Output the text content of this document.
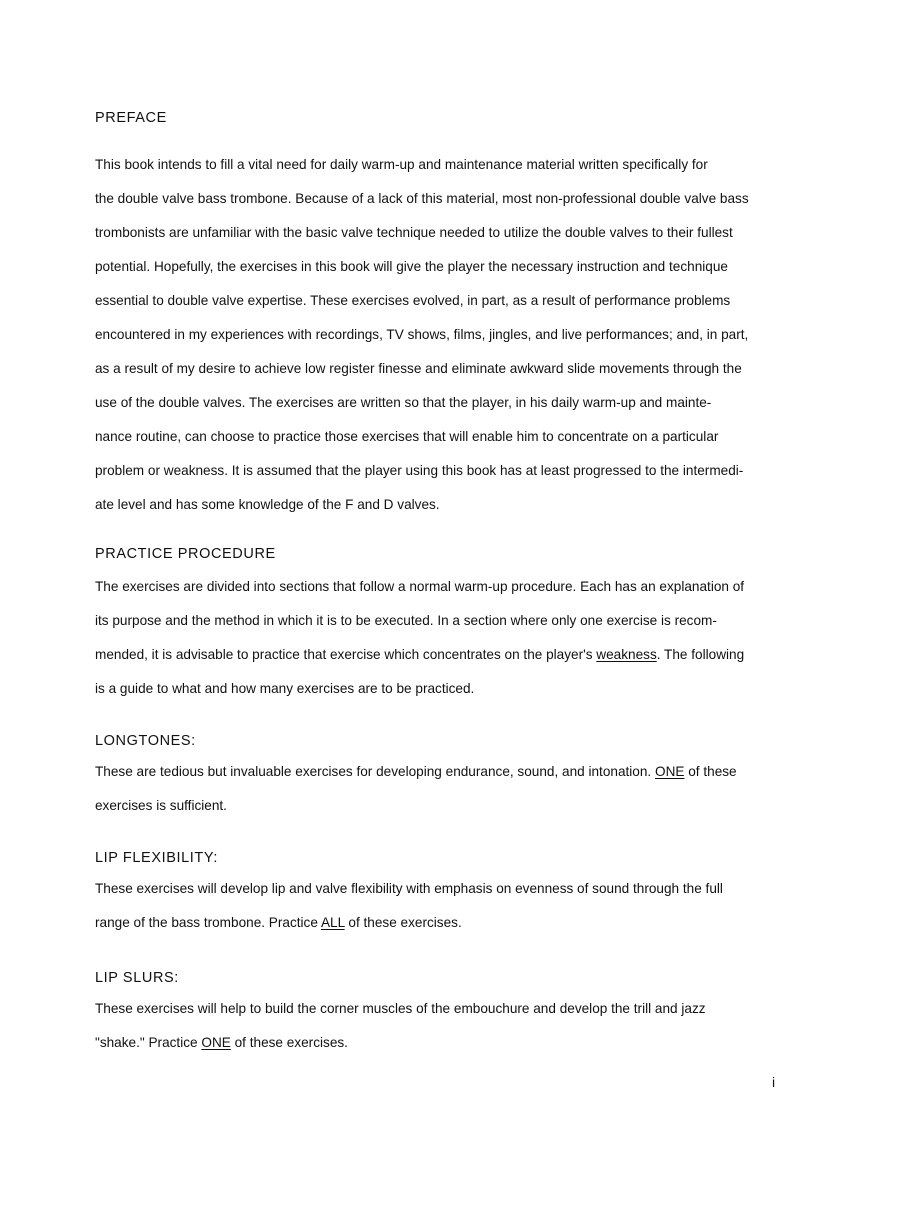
PREFACE
This book intends to fill a vital need for daily warm-up and maintenance material written specifically for
the double valve bass trombone. Because of a lack of this material, most non-professional double valve bass
trombonists are unfamiliar with the basic valve technique needed to utilize the double valves to their fullest
potential. Hopefully, the exercises in this book will give the player the necessary instruction and technique
essential to double valve expertise. These exercises evolved, in part, as a result of performance problems
encountered in my experiences with recordings, TV shows, films, jingles, and live performances; and, in part,
as a result of my desire to achieve low register finesse and eliminate awkward slide movements through the
use of the double valves. The exercises are written so that the player, in his daily warm-up and mainte-
nance routine, can choose to practice those exercises that will enable him to concentrate on a particular
problem or weakness. It is assumed that the player using this book has at least progressed to the intermedi-
ate level and has some knowledge of the F and D valves.
PRACTICE PROCEDURE
The exercises are divided into sections that follow a normal warm-up procedure. Each has an explanation of
its purpose and the method in which it is to be executed. In a section where only one exercise is recom-
mended, it is advisable to practice that exercise which concentrates on the player's weakness. The following
is a guide to what and how many exercises are to be practiced.
LONGTONES:
These are tedious but invaluable exercises for developing endurance, sound, and intonation. ONE of these
exercises is sufficient.
LIP FLEXIBILITY:
These exercises will develop lip and valve flexibility with emphasis on evenness of sound through the full
range of the bass trombone. Practice ALL of these exercises.
LIP SLURS:
These exercises will help to build the corner muscles of the embouchure and develop the trill and jazz
"shake." Practice ONE of these exercises.
i
